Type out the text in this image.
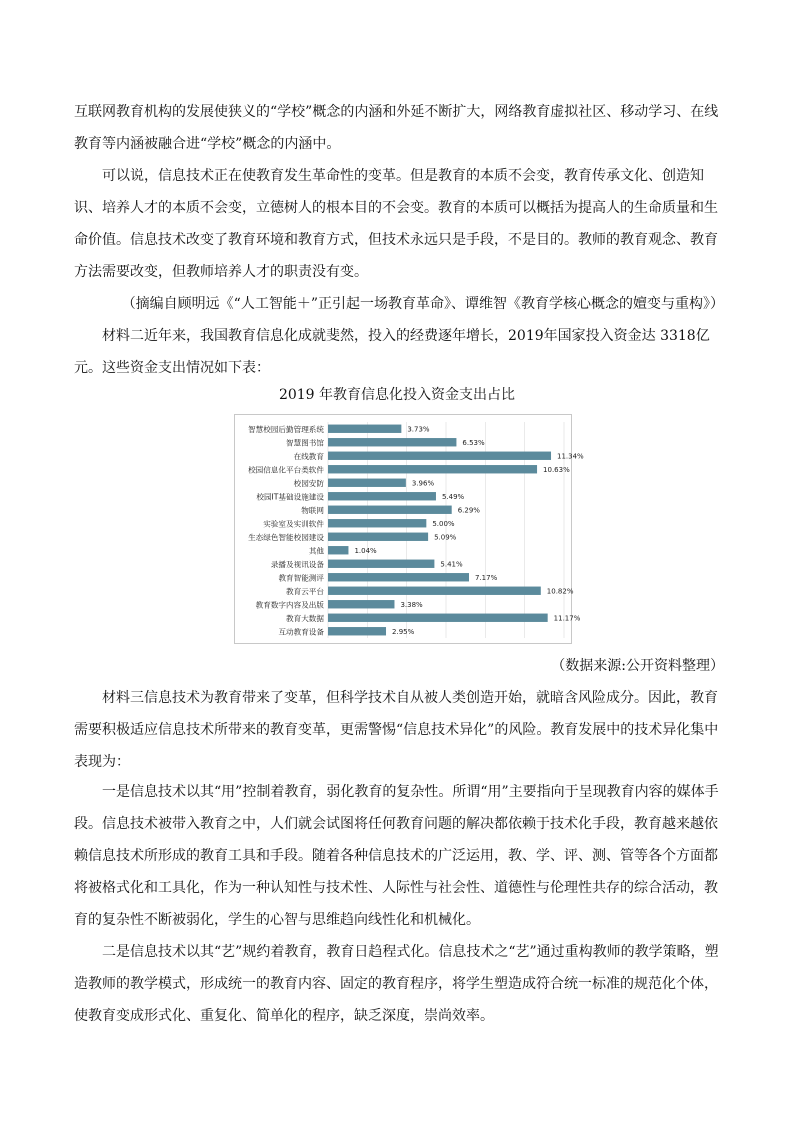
互联网教育机构的发展使狭义的“学校”概念的内涵和外延不断扩大，网络教育虚拟社区、移动学习、在线教育等内涵被融合进“学校”概念的内涵中。

可以说，信息技术正在使教育发生革命性的变革。但是教育的本质不会变，教育传承文化、创造知识、培养人才的本质不会变，立德树人的根本目的不会变。教育的本质可以概括为提高人的生命质量和生命价值。信息技术改变了教育环境和教育方式，但技术永远只是手段，不是目的。教师的教育观念、教育方法需要改变，但教师培养人才的职责没有变。

（摘编自顾明远《“人工智能＋”正引起一场教育革命》、谭维智《教育学核心概念的嬗变与重构》）

材料二近年来，我国教育信息化成就斐然，投入的经费逐年增长，2019年国家投入资金达 3318亿元。这些资金支出情况如下表：

2019 年教育信息化投入资金支出占比
智慧校园后勤管理系统	3.73%
智慧图书馆	6.53%
在线教育	11.34%
校园信息化平台类软件	10.63%
校园安防	3.96%
校园IT基础设施建设	5.49%
物联网	6.29%
实验室及实训软件	5.00%
生态绿色智能校园建设	5.09%
其他	1.04%
录播及视讯设备	5.41%
教育智能测评	7.17%
教育云平台	10.82%
教育数字内容及出版	3.38%
教育大数据	11.17%
互动教育设备	2.95%

（数据来源:公开资料整理）

材料三信息技术为教育带来了变革，但科学技术自从被人类创造开始，就暗含风险成分。因此，教育需要积极适应信息技术所带来的教育变革，更需警惕“信息技术异化”的风险。教育发展中的技术异化集中表现为：

一是信息技术以其“用”控制着教育，弱化教育的复杂性。所谓“用”主要指向于呈现教育内容的媒体手段。信息技术被带入教育之中，人们就会试图将任何教育问题的解决都依赖于技术化手段，教育越来越依赖信息技术所形成的教育工具和手段。随着各种信息技术的广泛运用，教、学、评、测、管等各个方面都将被格式化和工具化，作为一种认知性与技术性、人际性与社会性、道德性与伦理性共存的综合活动，教育的复杂性不断被弱化，学生的心智与思维趋向线性化和机械化。

二是信息技术以其“艺”规约着教育，教育日趋程式化。信息技术之“艺”通过重构教师的教学策略，塑造教师的教学模式，形成统一的教育内容、固定的教育程序，将学生塑造成符合统一标准的规范化个体，使教育变成形式化、重复化、简单化的程序，缺乏深度，崇尚效率。
